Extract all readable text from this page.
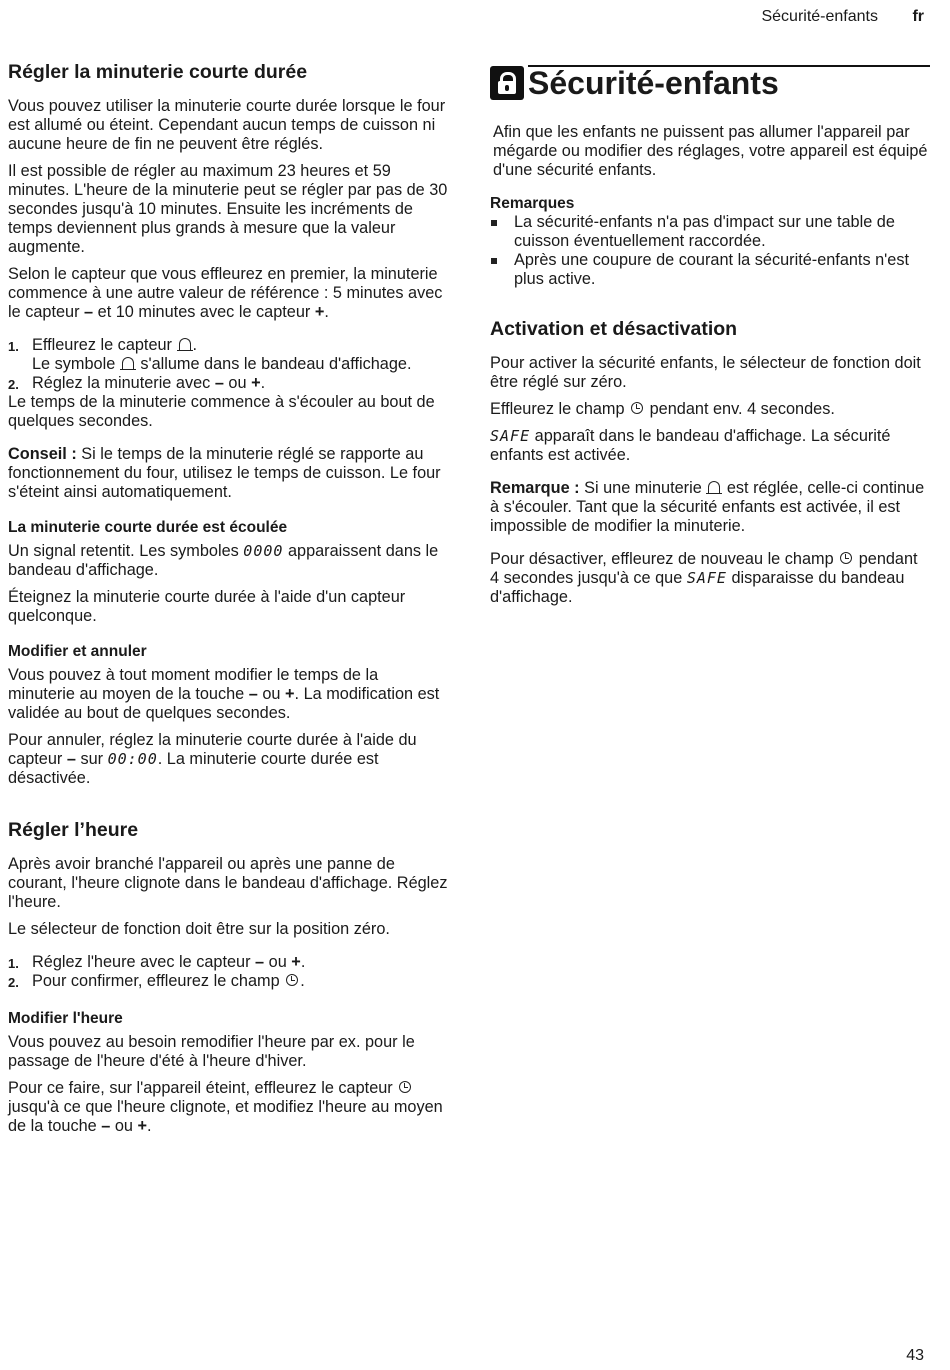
Sécurité-enfants fr
Régler la minuterie courte durée

Vous pouvez utiliser la minuterie courte durée lorsque le four est allumé ou éteint. Cependant aucun temps de cuisson ni aucune heure de fin ne peuvent être réglés.

Il est possible de régler au maximum 23 heures et 59 minutes. L'heure de la minuterie peut se régler par pas de 30 secondes jusqu'à 10 minutes. Ensuite les incréments de temps deviennent plus grands à mesure que la valeur augmente.

Selon le capteur que vous effleurez en premier, la minuterie commence à une autre valeur de référence : 5 minutes avec le capteur – et 10 minutes avec le capteur +.

1. Effleurez le capteur .
Le symbole s'allume dans le bandeau d'affichage.
2. Réglez la minuterie avec – ou +.

Le temps de la minuterie commence à s'écouler au bout de quelques secondes.

Conseil : Si le temps de la minuterie réglé se rapporte au fonctionnement du four, utilisez le temps de cuisson. Le four s'éteint ainsi automatiquement.

La minuterie courte durée est écoulée

Un signal retentit. Les symboles 0000 apparaissent dans le bandeau d'affichage.

Éteignez la minuterie courte durée à l'aide d'un capteur quelconque.

Modifier et annuler

Vous pouvez à tout moment modifier le temps de la minuterie au moyen de la touche – ou +. La modification est validée au bout de quelques secondes.

Pour annuler, réglez la minuterie courte durée à l'aide du capteur – sur 00:00. La minuterie courte durée est désactivée.

Régler l’heure

Après avoir branché l'appareil ou après une panne de courant, l'heure clignote dans le bandeau d'affichage. Réglez l'heure.

Le sélecteur de fonction doit être sur la position zéro.

1. Réglez l'heure avec le capteur – ou +.
2. Pour confirmer, effleurez le champ .
Modifier l'heure

Vous pouvez au besoin remodifier l'heure par ex. pour le passage de l'heure d'été à l'heure d'hiver.

Pour ce faire, sur l'appareil éteint, effleurez le capteur  jusqu'à ce que l'heure clignote, et modifiez l'heure au moyen de la touche – ou +.

Sécurité-enfants

Afin que les enfants ne puissent pas allumer l'appareil par mégarde ou modifier des réglages, votre appareil est équipé d'une sécurité enfants.

Remarques
La sécurité-enfants n'a pas d'impact sur une table de cuisson éventuellement raccordée.
Après une coupure de courant la sécurité-enfants n'est plus active.
Activation et désactivation

Pour activer la sécurité enfants, le sélecteur de fonction doit être réglé sur zéro.

Effleurez le champ pendant env. 4 secondes.

SAFE apparaît dans le bandeau d'affichage. La sécurité enfants est activée.

Remarque : Si une minuterie est réglée, celle-ci continue à s'écouler. Tant que la sécurité enfants est activée, il est impossible de modifier la minuterie.

Pour désactiver, effleurez de nouveau le champ pendant 4 secondes jusqu'à ce que SAFE disparaisse du bandeau d'affichage.

43
